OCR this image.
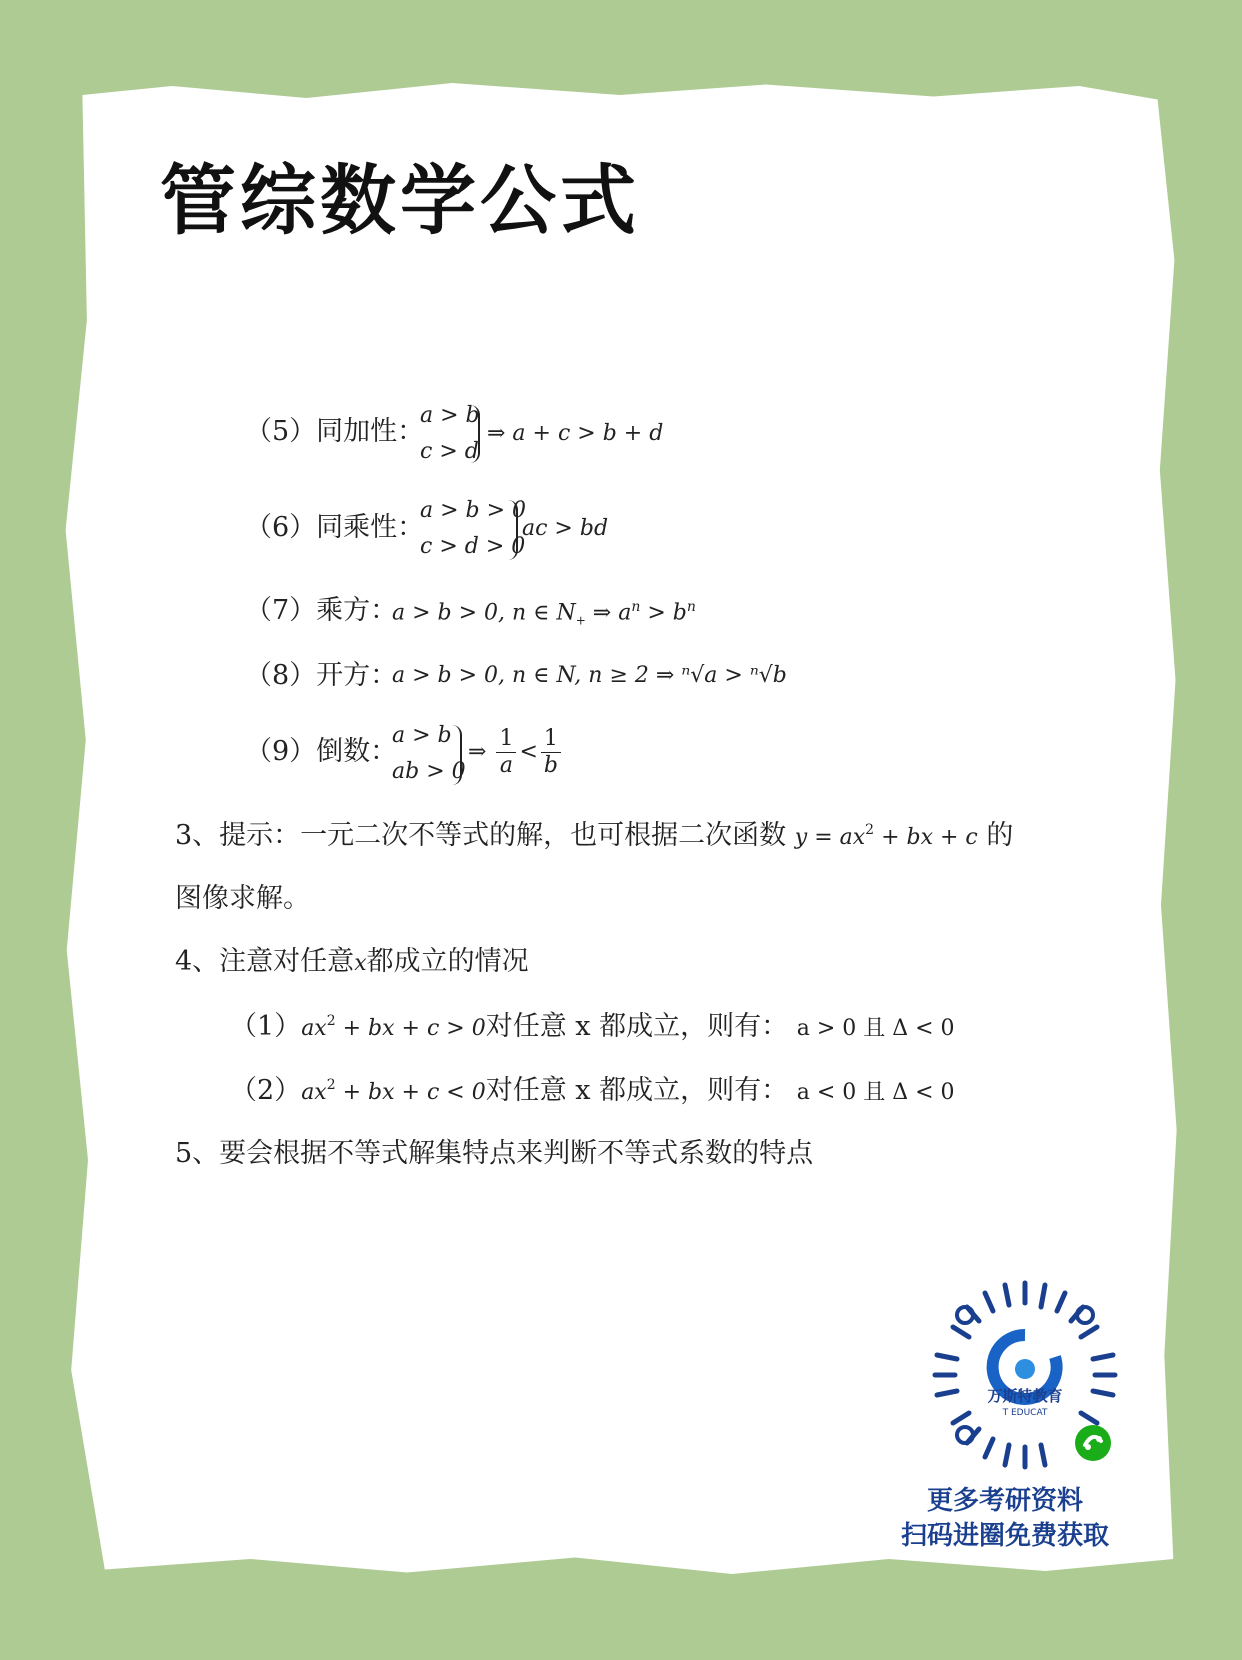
管综数学公式
（5）同加性：
a > b
c > d
⇒ a + c > b + d
（6）同乘性：
a > b > 0
c > d > 0
ac > bd
（7）乘方：
a > b > 0, n ∈ $N_+$ ⇒ $a^n > b^n$
（8）开方：
a > b > 0, n ∈ N, n ≥ 2 ⇒ ⁿ√a > ⁿ√b
（9）倒数：
a > b
ab > 0
⇒ $\frac{1}{a} < \frac{1}{b}$
3、提示：一元二次不等式的解，也可根据二次函数 $y = ax^2$ + bx + c 的
图像求解。
4、注意对任意x都成立的情况
$(1)ax^2$ + bx + c > 0对任意 x 都成立，则有： a > 0 且 Δ < 0
$(2)ax^2$ + bx + c < 0对任意 x 都成立，则有： a < 0 且 Δ < 0
5、要会根据不等式解集特点来判断不等式系数的特点
万斯特教育
T EDUCAT
更多考研资料
扫码进圈免费获取
